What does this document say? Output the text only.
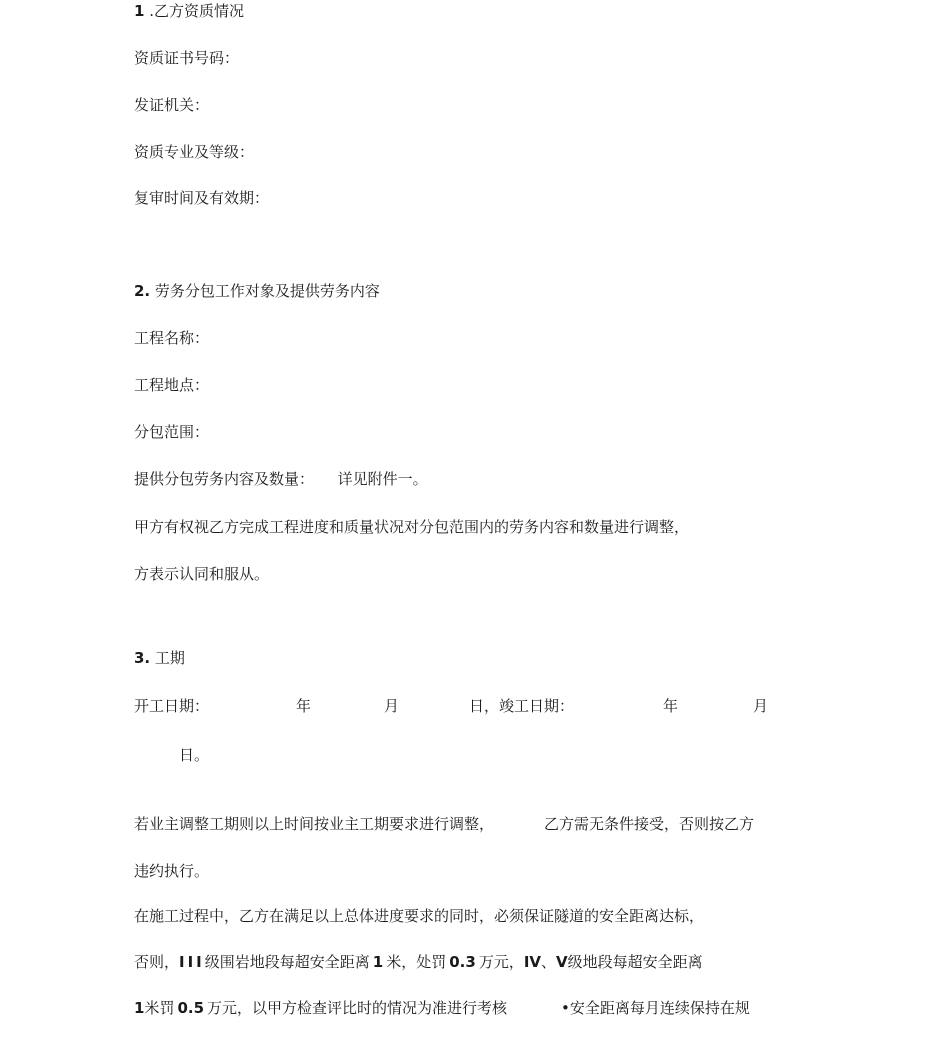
1 .乙方资质情况
资质证书号码：
发证机关：
资质专业及等级：
复审时间及有效期：
2. 劳务分包工作对象及提供劳务内容
工程名称：
工程地点：
分包范围：
提供分包劳务内容及数量： 详见附件一。
甲方有权视乙方完成工程进度和质量状况对分包范围内的劳务内容和数量进行调整，
方表示认同和服从。
3. 工期
开工日期：	年	月	日，竣工日期：	年	月
日。
若业主调整工期则以上时间按业主工期要求进行调整，	乙方需无条件接受，否则按乙方
违约执行。
在施工过程中，乙方在满足以上总体进度要求的同时，必须保证隧道的安全距离达标，
否则，III级围岩地段每超安全距离 1 米，处罚 0.3 万元，IV、V级地段每超安全距离
1米罚 0.5 万元，以甲方检查评比时的情况为准进行考核	•安全距离每月连续保持在规
